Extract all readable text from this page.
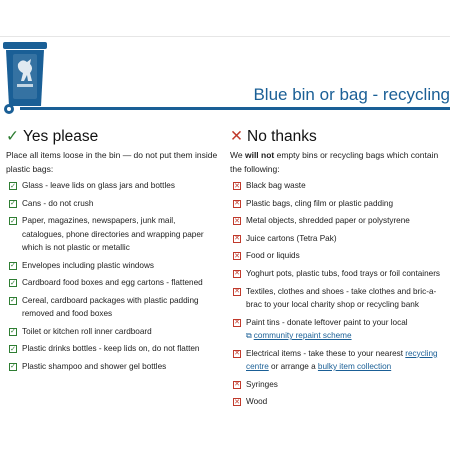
Blue bin or bag - recycling
✓ Yes please

Place all items loose in the bin — do not put them inside plastic bags:

✓ Glass - leave lids on glass jars and bottles
✓ Cans - do not crush
✓ Paper, magazines, newspapers, junk mail, catalogues, phone directories and wrapping paper which is not plastic or metallic
✓ Envelopes including plastic windows
✓ Cardboard food boxes and egg cartons - flattened
✓ Cereal, cardboard packages with plastic padding removed and food boxes
✓ Toilet or kitchen roll inner cardboard
✓ Plastic drinks bottles - keep lids on, do not flatten
✓ Plastic shampoo and shower gel bottles
✕ No thanks

We will not empty bins or recycling bags which contain the following:

✕ Black bag waste
✕ Plastic bags, cling film or plastic padding
✕ Metal objects, shredded paper or polystyrene
✕ Juice cartons (Tetra Pak)
✕ Food or liquids
✕ Yoghurt pots, plastic tubs, food trays or foil containers
✕ Textiles, clothes and shoes - take clothes and bric-a-brac to your local charity shop or recycling bank
✕ Paint tins - donate leftover paint to your local
⧉ community repaint scheme
✕ Electrical items - take these to your nearest recycling centre or arrange a bulky item collection
✕ Syringes
✕ Wood
